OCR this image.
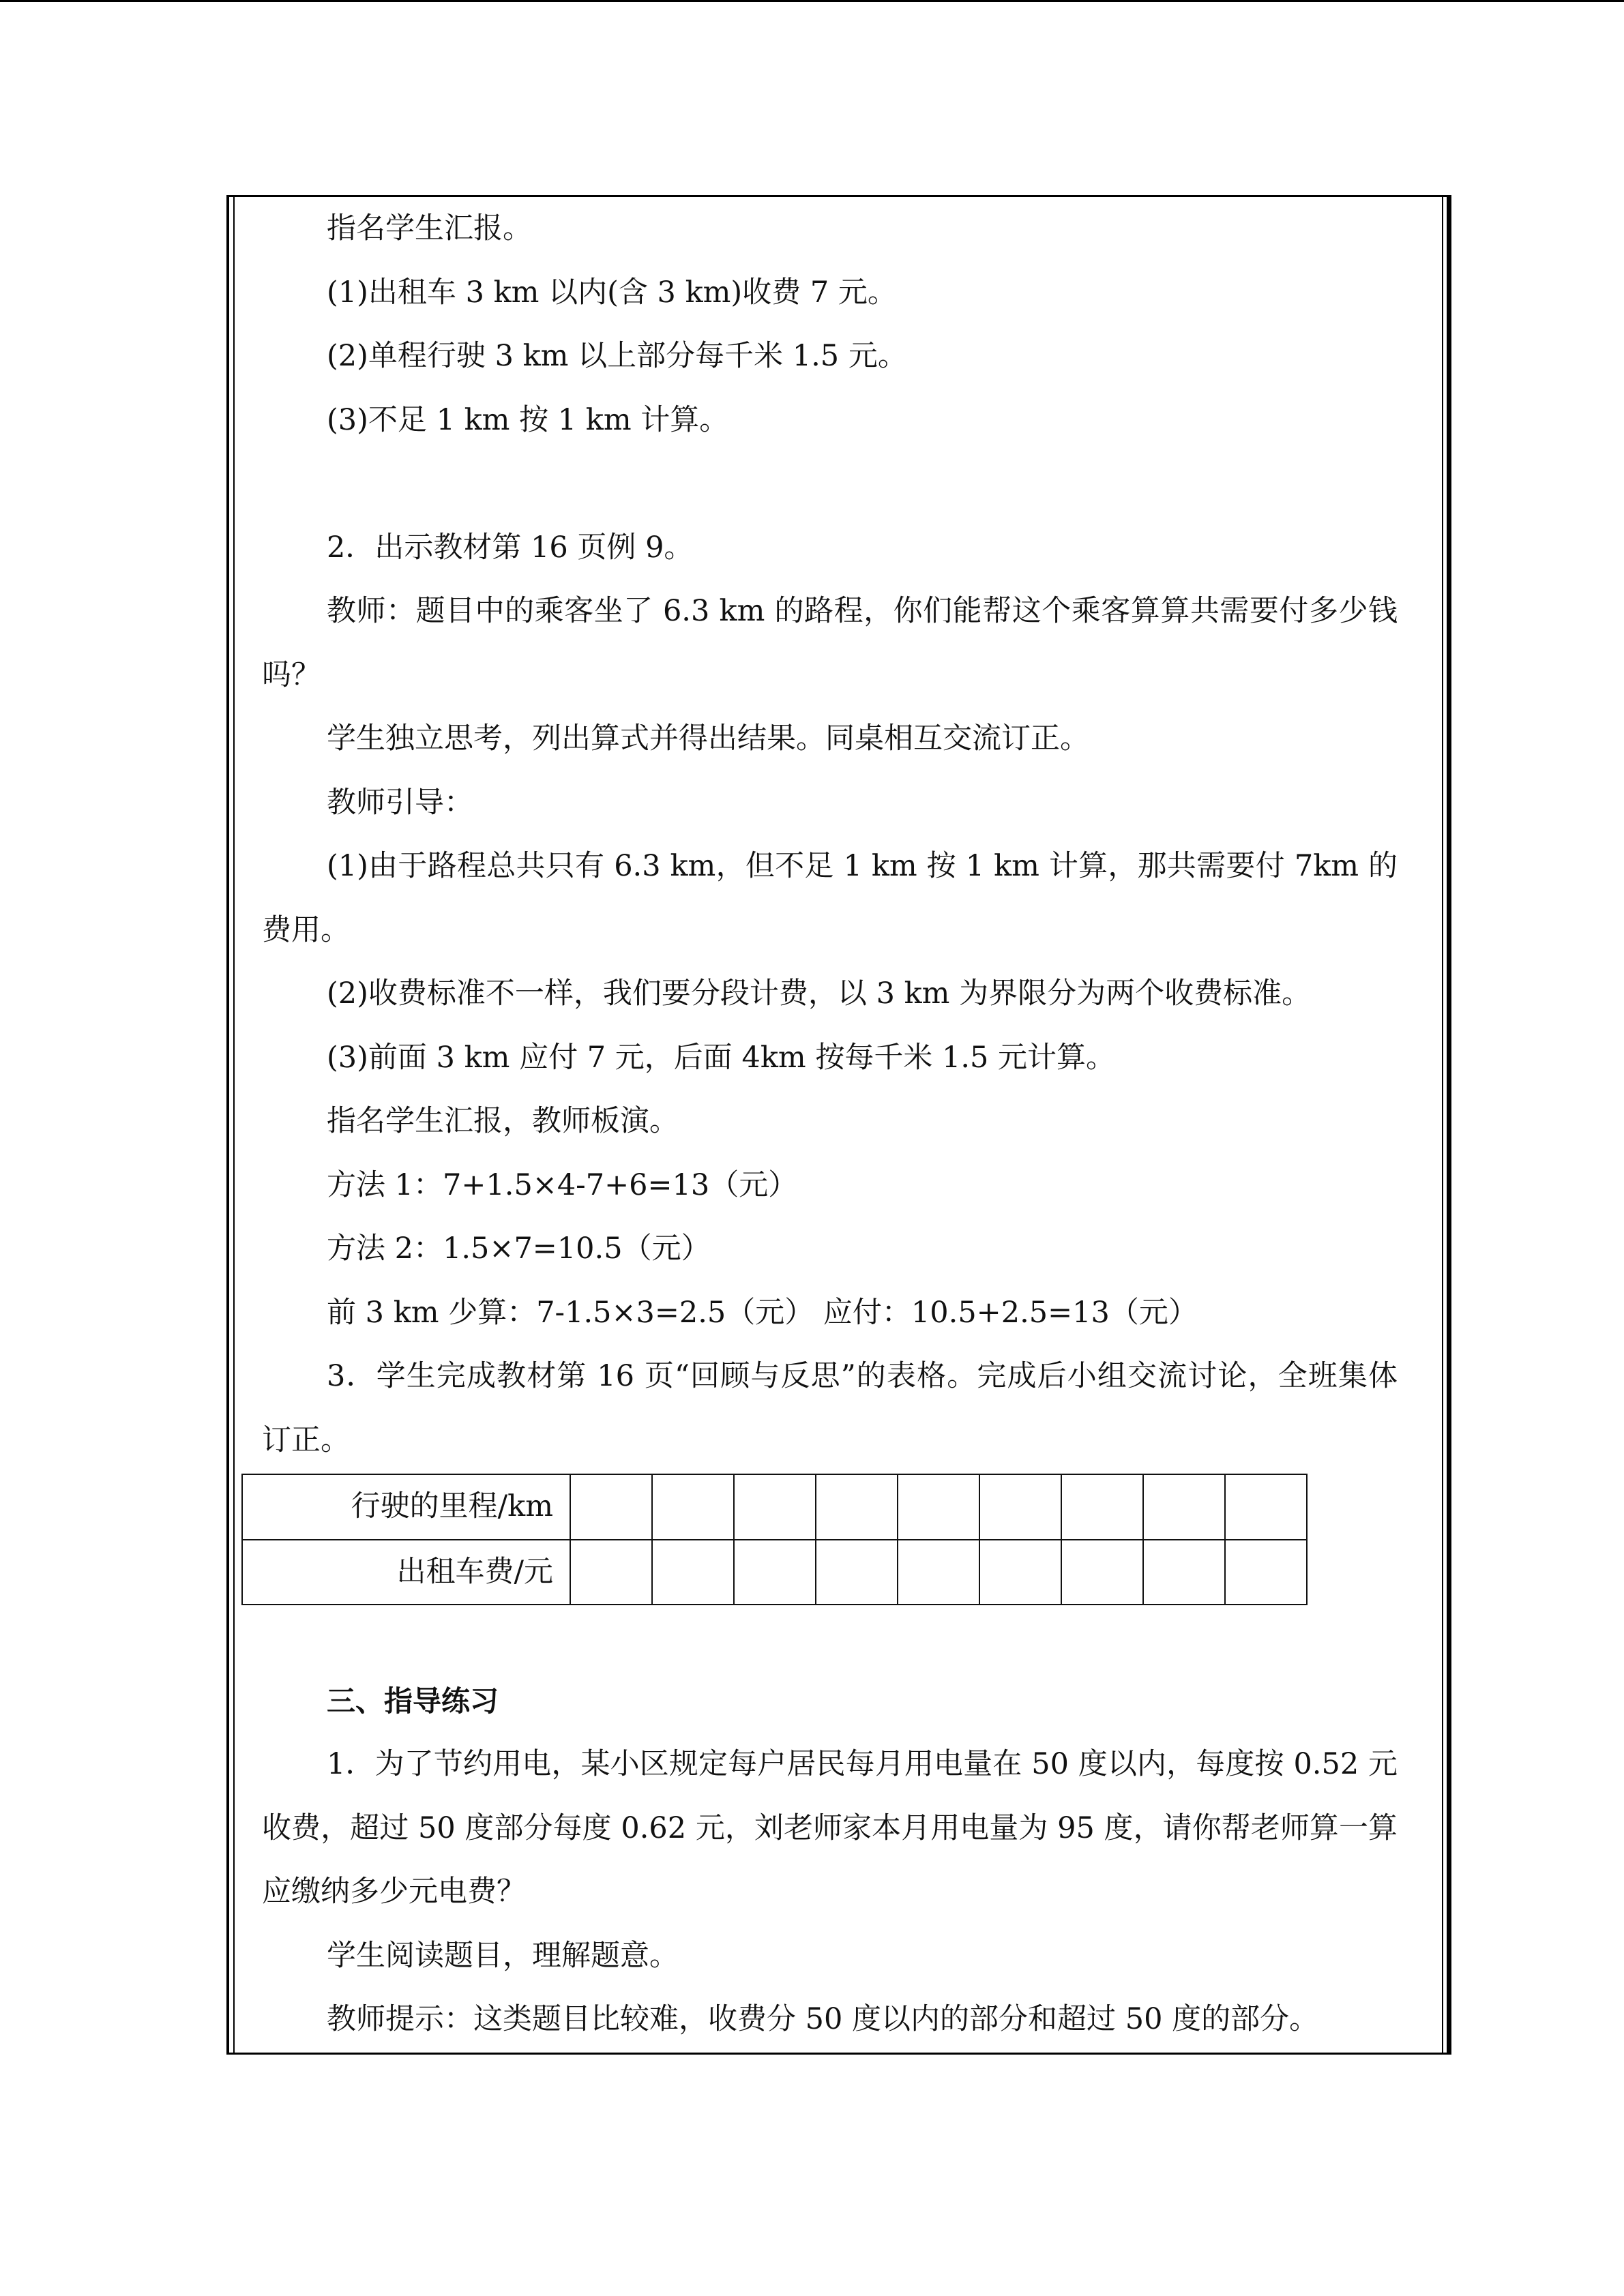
指名学生汇报。

(1)出租车 3 km 以内(含 3 km)收费 7 元。

(2)单程行驶 3 km 以上部分每千米 1.5 元。

(3)不足 1 km 按 1 km 计算。

2．出示教材第 16 页例 9。

教师：题目中的乘客坐了 6.3 km 的路程，你们能帮这个乘客算算共需要付多少钱吗？

学生独立思考，列出算式并得出结果。同桌相互交流订正。

教师引导：

(1)由于路程总共只有 6.3 km，但不足 1 km 按 1 km 计算，那共需要付 7km 的费用。

(2)收费标准不一样，我们要分段计费，以 3 km 为界限分为两个收费标准。

(3)前面 3 km 应付 7 元，后面 4km 按每千米 1.5 元计算。

指名学生汇报，教师板演。

方法 1：7+1.5×4-7+6=13（元）

方法 2：1.5×7=10.5（元）

前 3 km 少算：7-1.5×3=2.5（元） 应付：10.5+2.5=13（元）

3．学生完成教材第 16 页“回顾与反思”的表格。完成后小组交流讨论，全班集体订正。

行驶的里程/km									
出租车费/元									

三、指导练习

1．为了节约用电，某小区规定每户居民每月用电量在 50 度以内，每度按 0.52 元收费，超过 50 度部分每度 0.62 元，刘老师家本月用电量为 95 度，请你帮老师算一算应缴纳多少元电费？

学生阅读题目，理解题意。

教师提示：这类题目比较难，收费分 50 度以内的部分和超过 50 度的部分。
